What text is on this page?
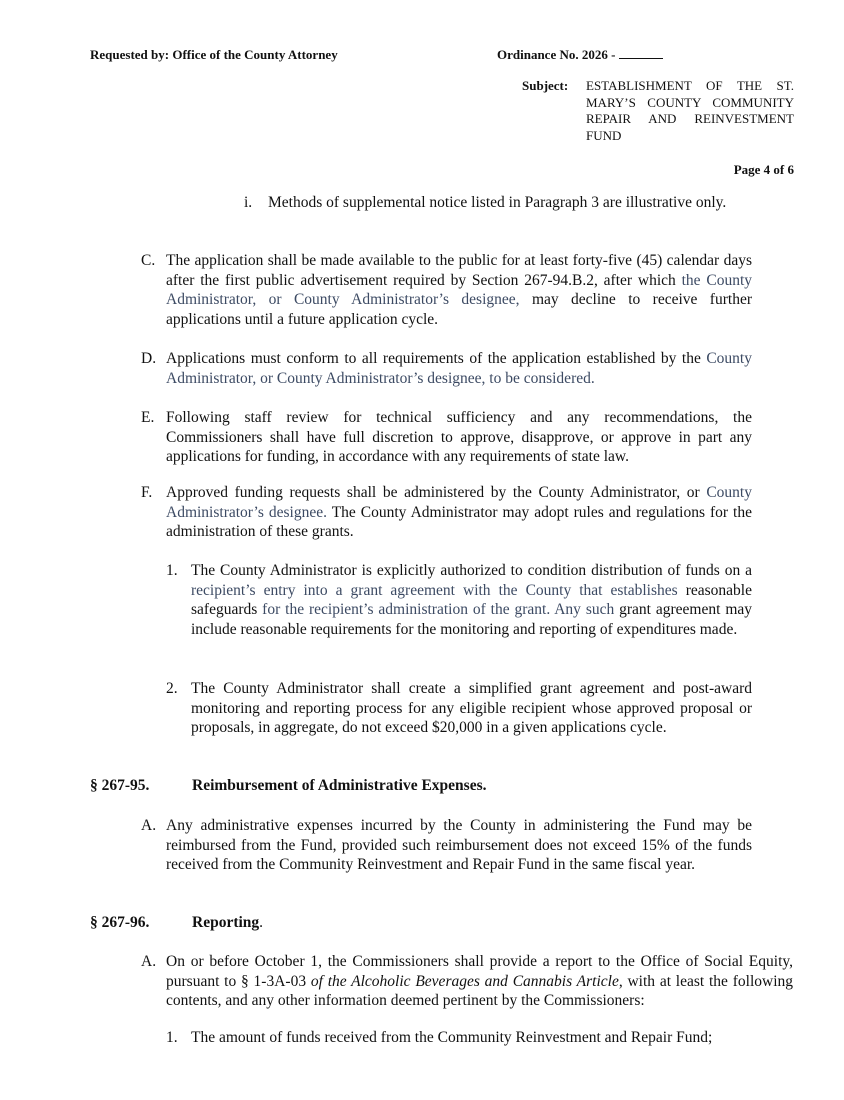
Requested by: Office of the County Attorney	Ordinance No. 2026 -
Subject:	ESTABLISHMENT OF THE ST. MARY’S COUNTY COMMUNITY REPAIR AND REINVESTMENT FUND
Page 4 of 6
i.	Methods of supplemental notice listed in Paragraph 3 are illustrative only.
C. The application shall be made available to the public for at least forty-five (45) calendar days after the first public advertisement required by Section 267-94.B.2, after which the County Administrator, or County Administrator’s designee, may decline to receive further applications until a future application cycle.
D. Applications must conform to all requirements of the application established by the County Administrator, or County Administrator’s designee, to be considered.
E. Following staff review for technical sufficiency and any recommendations, the Commissioners shall have full discretion to approve, disapprove, or approve in part any applications for funding, in accordance with any requirements of state law.
F. Approved funding requests shall be administered by the County Administrator, or County Administrator’s designee. The County Administrator may adopt rules and regulations for the administration of these grants.
1. The County Administrator is explicitly authorized to condition distribution of funds on a recipient’s entry into a grant agreement with the County that establishes reasonable safeguards for the recipient’s administration of the grant. Any such grant agreement may include reasonable requirements for the monitoring and reporting of expenditures made.
2. The County Administrator shall create a simplified grant agreement and post-award monitoring and reporting process for any eligible recipient whose approved proposal or proposals, in aggregate, do not exceed $20,000 in a given applications cycle.
§ 267-95.	Reimbursement of Administrative Expenses.
A. Any administrative expenses incurred by the County in administering the Fund may be reimbursed from the Fund, provided such reimbursement does not exceed 15% of the funds received from the Community Reinvestment and Repair Fund in the same fiscal year.
§ 267-96.	Reporting.
A. On or before October 1, the Commissioners shall provide a report to the Office of Social Equity, pursuant to § 1-3A-03 of the Alcoholic Beverages and Cannabis Article, with at least the following contents, and any other information deemed pertinent by the Commissioners:
1. The amount of funds received from the Community Reinvestment and Repair Fund;
